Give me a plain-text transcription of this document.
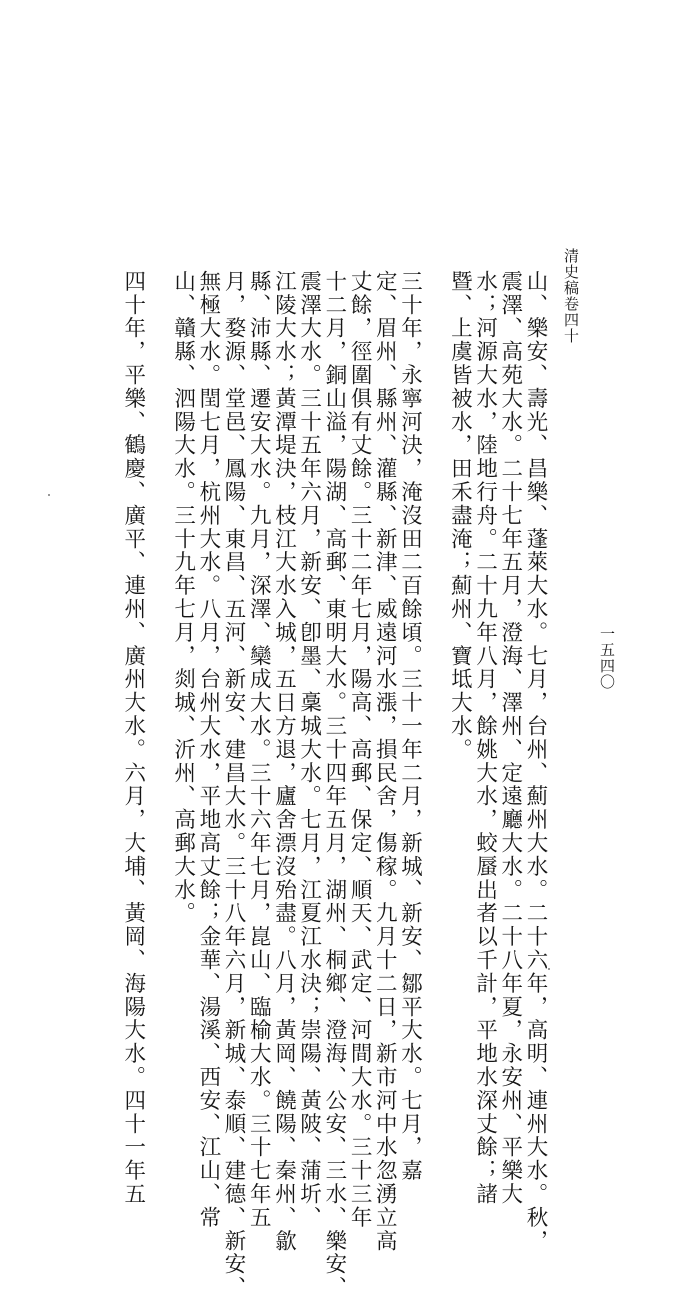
清史稿卷四十
一五四〇
山、樂安、壽光、昌樂、蓬萊大水。七月，台州、薊州大水。二十六年，高明、連州大水。秋，
震澤、高苑大水。二十七年五月，澄海、澤州、定遠廳大水。二十八年夏，永安州、平樂大
水；河源大水，陸地行舟。二十九年八月，餘姚大水，蛟蜃出者以千計，平地水深丈餘；諸
暨、上虞皆被水，田禾盡淹；薊州、寶坻大水。
三十年，永寧河決，淹沒田二百餘頃。三十一年二月，新城、新安、鄒平大水。七月，嘉
定、眉州、縣州、灌縣、新津、威遠河水漲，損民舍，傷稼。九月十二日，新市河中水忽湧立高
丈餘，徑圍俱有丈餘。三十二年七月，陽高、高郵、保定、順天、武定、河間大水。三十三年
十二月，銅山溢，陽湖、高郵、東明大水。三十四年五月，湖州、桐鄉、澄海、公安、三水、樂安、
震澤大水。三十五年六月，新安、卽墨、稾城大水。七月，江夏江水決；崇陽、黃陂、蒲圻、
江陵大水；黃潭堤決，枝江大水入城，五日方退，廬舍漂沒殆盡。八月，黃岡、饒陽、秦州、歙
縣、沛縣、遷安大水。九月，深澤、欒成大水。三十六年七月，崑山、臨榆大水。三十七年五
月，婺源、堂邑、鳳陽、東昌、五河、新安、建昌大水。三十八年六月，新城、泰順、建德、新安、
無極大水。閏七月，杭州大水。八月，台州大水，平地高丈餘；金華、湯溪、西安、江山、常
山、贛縣、泗陽大水。三十九年七月，剡城、沂州、高郵大水。
四十年，平樂、鶴慶、廣平、連州、廣州大水。六月，大埔、黃岡、海陽大水。四十一年五
